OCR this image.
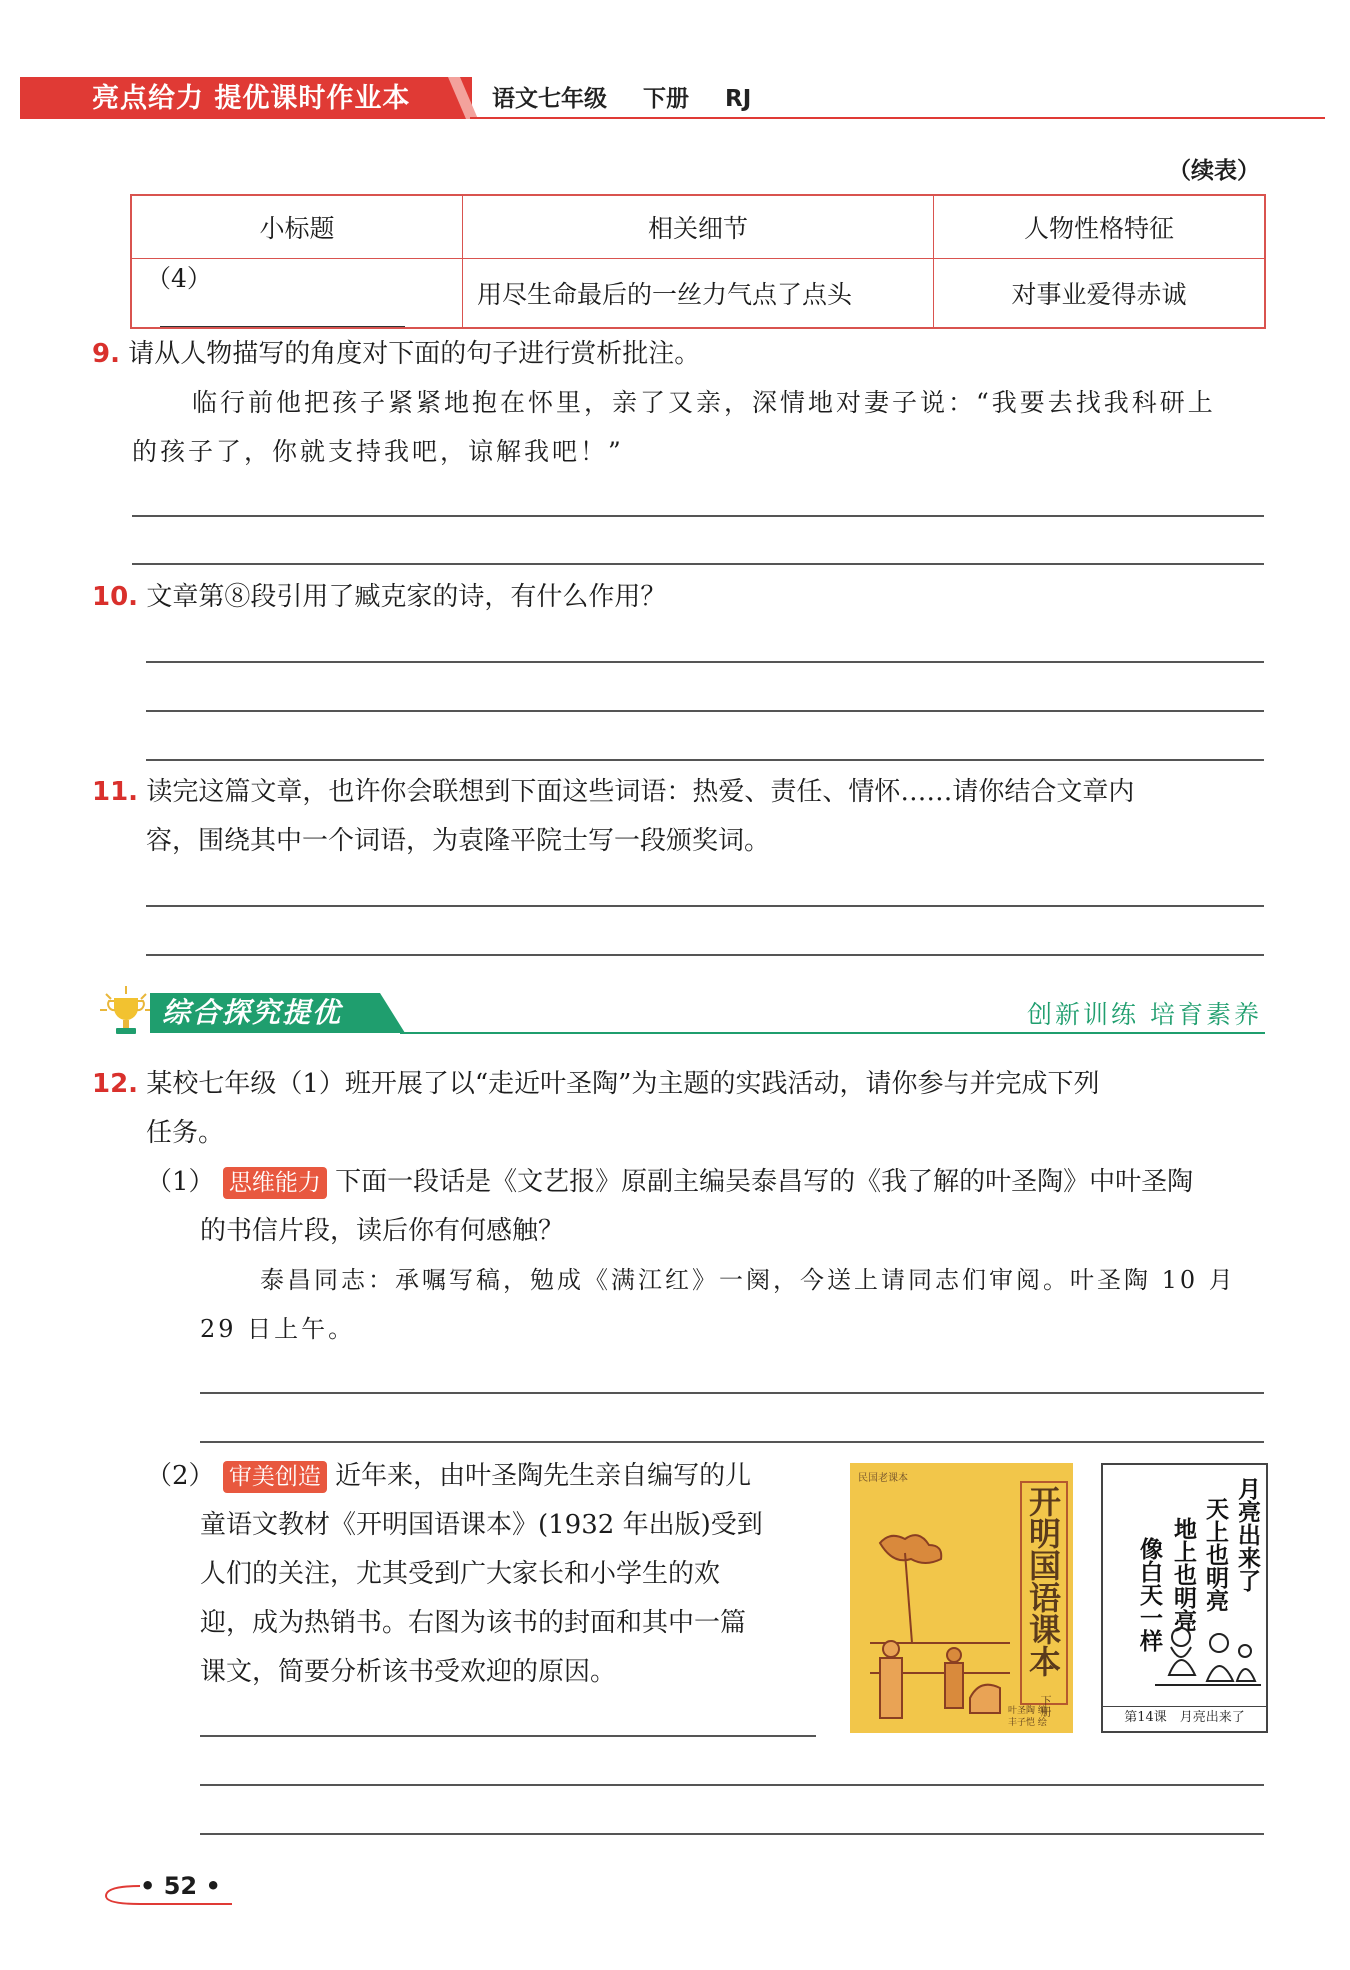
亮点给力 提优课时作业本	语文七年级 下册 RJ
（续表）
小标题	相关细节	人物性格特征
（4）	用尽生命最后的一丝力气点了点头	对事业爱得赤诚
9. 请从人物描写的角度对下面的句子进行赏析批注。
临行前他把孩子紧紧地抱在怀里，亲了又亲，深情地对妻子说：“我要去找我科研上
的孩子了，你就支持我吧，谅解我吧！”
10. 文章第⑧段引用了臧克家的诗，有什么作用？
11. 读完这篇文章，也许你会联想到下面这些词语：热爱、责任、情怀……请你结合文章内
容，围绕其中一个词语，为袁隆平院士写一段颁奖词。
综合探究提优	创新训练 培育素养
12. 某校七年级（1）班开展了以“走近叶圣陶”为主题的实践活动，请你参与并完成下列
任务。
（1） 思维能力 下面一段话是《文艺报》原副主编吴泰昌写的《我了解的叶圣陶》中叶圣陶
的书信片段，读后你有何感触？
泰昌同志：承嘱写稿，勉成《满江红》一阕，今送上请同志们审阅。叶圣陶 10 月
29 日上午。
（2） 审美创造 近年来，由叶圣陶先生亲自编写的儿
童语文教材《开明国语课本》(1932 年出版)受到
人们的关注，尤其受到广大家长和小学生的欢
迎，成为热销书。右图为该书的封面和其中一篇
课文，简要分析该书受欢迎的原因。
民国老课本
开明国语课本
下册
叶圣陶 编
丰子恺 绘
月亮出来了
天上也明亮
地上也明亮
像白天一样
第14课　月亮出来了
• 52 •
